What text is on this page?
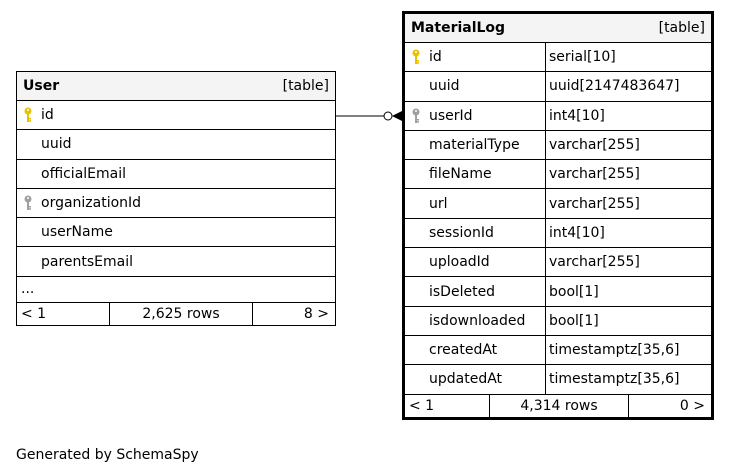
User	[table]
id
uuid
officialEmail
organizationId
userName
parentsEmail
...
< 1	2,625 rows	8 >
MaterialLog	[table]
id	serial[10]
uuid	uuid[2147483647]
userId	int4[10]
materialType	varchar[255]
fileName	varchar[255]
url	varchar[255]
sessionId	int4[10]
uploadId	varchar[255]
isDeleted	bool[1]
isdownloaded	bool[1]
createdAt	timestamptz[35,6]
updatedAt	timestamptz[35,6]
< 1	4,314 rows	0 >
Generated by SchemaSpy
